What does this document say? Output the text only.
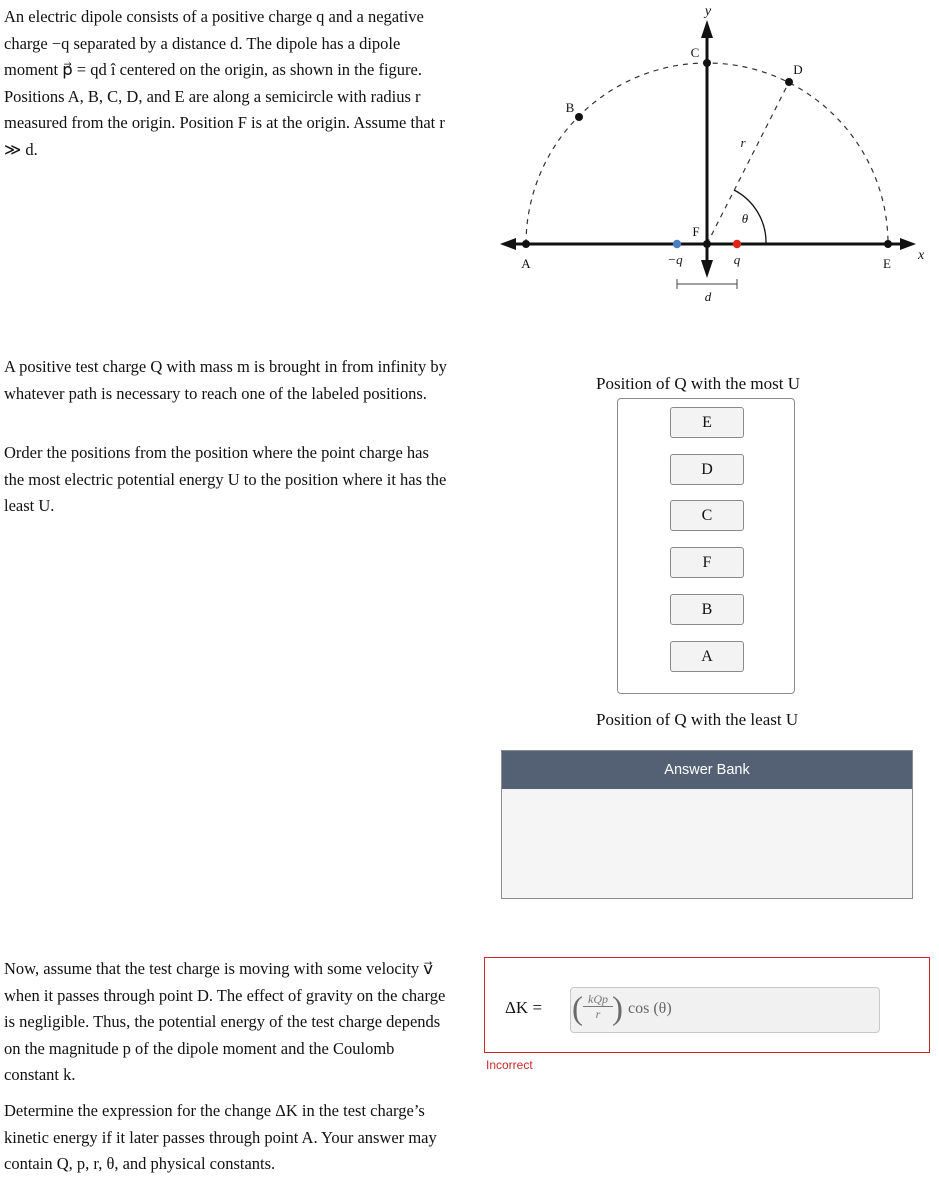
An electric dipole consists of a positive charge q and a negative charge −q separated by a distance d. The dipole has a dipole moment p⃗ = qd î centered on the origin, as shown in the figure. Positions A, B, C, D, and E are along a semicircle with radius r measured from the origin. Position F is at the origin. Assume that r ≫ d.

A positive test charge Q with mass m is brought in from infinity by whatever path is necessary to reach one of the labeled positions.

Order the positions from the position where the point charge has the most electric potential energy U to the position where it has the least U.

Now, assume that the test charge is moving with some velocity v⃗ when it passes through point D. The effect of gravity on the charge is negligible. Thus, the potential energy of the test charge depends on the magnitude p of the dipole moment and the Coulomb constant k.

Determine the expression for the change ΔK in the test charge’s kinetic energy if it later passes through point A. Your answer may contain Q, p, r, θ, and physical constants.

y
x
A
B
C
D
E
F
−q	q
d
r
θ
Position of Q with the most U
E
D
C
F
B
A
Position of Q with the least U
Answer Bank
ΔK = ( kQp
r ) cos (θ)
Incorrect
